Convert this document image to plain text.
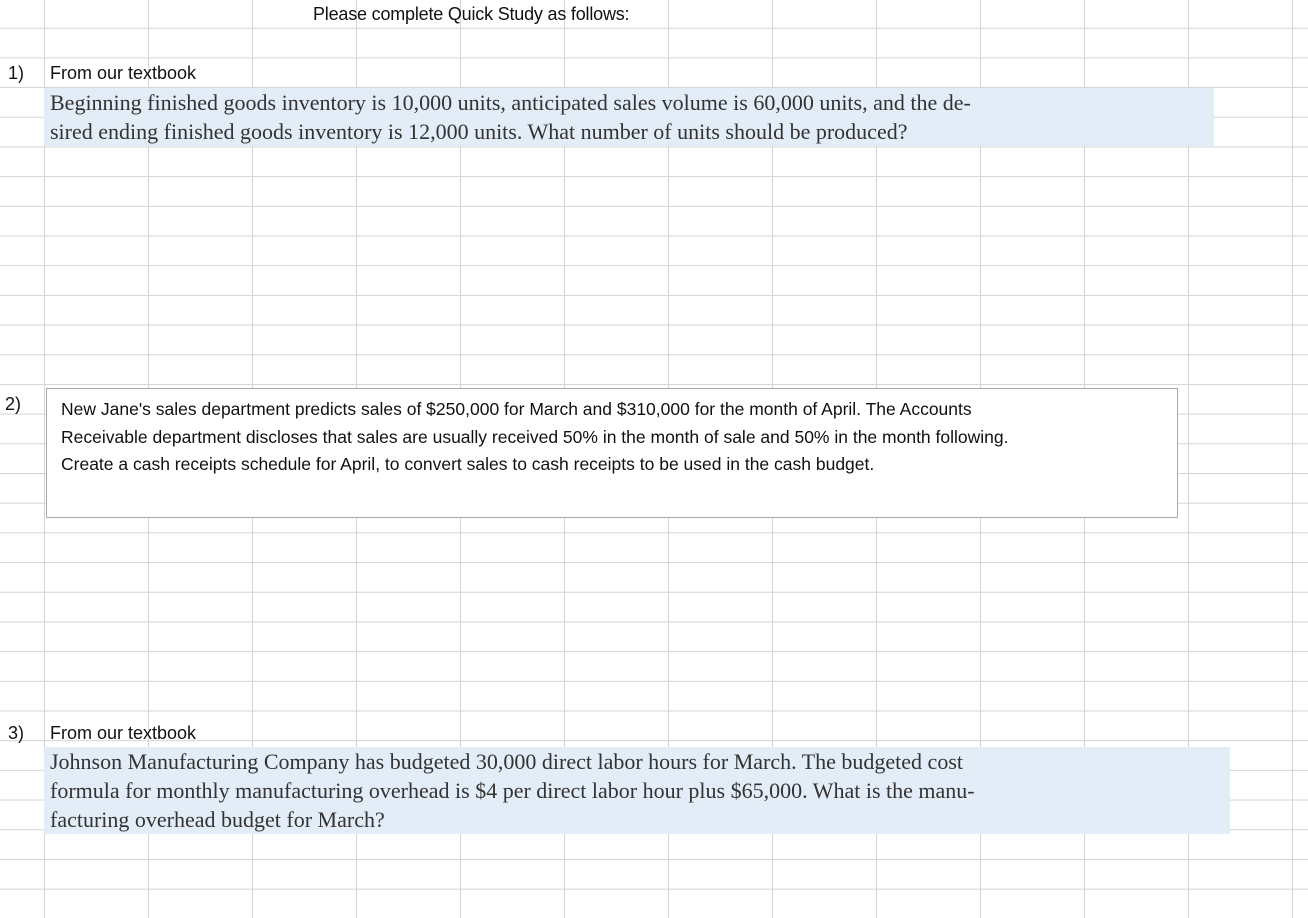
Please complete Quick Study as follows:
1) From our textbook
Beginning finished goods inventory is 10,000 units, anticipated sales volume is 60,000 units, and the de-
sired ending finished goods inventory is 12,000 units. What number of units should be produced?
2) New Jane's sales department predicts sales of $250,000 for March and $310,000 for the month of April. The Accounts
Receivable department discloses that sales are usually received 50% in the month of sale and 50% in the month following.
Create a cash receipts schedule for April, to convert sales to cash receipts to be used in the cash budget.
3) From our textbook
Johnson Manufacturing Company has budgeted 30,000 direct labor hours for March. The budgeted cost
formula for monthly manufacturing overhead is $4 per direct labor hour plus $65,000. What is the manu-
facturing overhead budget for March?
